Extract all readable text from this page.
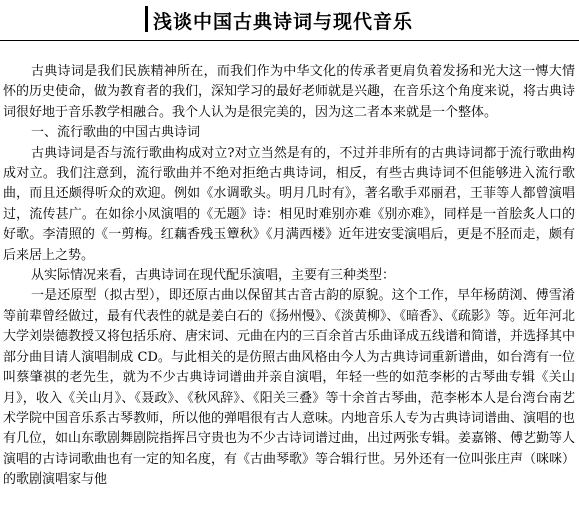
浅谈中国古典诗词与现代音乐

古典诗词是我们民族精神所在，而我们作为中华文化的传承者更肩负着发扬和光大这一慱大情怀的历史使命，做为教育者的我们，深知学习的最好老师就是兴趣，在音乐这个角度来说，将古典诗词很好地于音乐教学相融合。我个人认为是很完美的，因为这二者本来就是一个整体。

一、流行歌曲的中国古典诗词

古典诗词是否与流行歌曲构成对立?对立当然是有的，不过并非所有的古典诗词都于流行歌曲构成对立。我们注意到，流行歌曲并不绝对拒绝古典诗词，相反，有些古典诗词不但能够进入流行歌曲，而且还颇得听众的欢迎。例如《水调歌头。明月几时有》，著名歌手邓丽君，王菲等人都曾演唱过，流传甚广。在如徐小凤演唱的《无题》诗：相见时难别亦难《别亦难》，同样是一首脍炙人口的好歌。李清照的《一剪梅。红藕香残玉簟秋》《月满西楼》近年进安雯演唱后，更是不胫而走，颇有后来居上之势。

从实际情况来看，古典诗词在现代配乐演唱，主要有三种类型：

一是还原型（拟古型），即还原古曲以保留其古音古韵的原貌。这个工作，早年杨荫浏、傅雪淆等前辈曾经做过，最有代表性的就是姜白石的《扬州慢》、《淡黄柳》、《暗香》、《疏影》等。近年河北大学刘崇德教授又将包括乐府、唐宋词、元曲在内的三百余首古乐曲译成五线谱和简谱，并选择其中部分曲目请人演唱制成 CD。与此相关的是仿照古曲风格由今人为古典诗词重新谱曲，如台湾有一位叫蔡肇祺的老先生，就为不少古典诗词谱曲并亲自演唱，年轻一些的如范李彬的古琴曲专辑《关山月》，收入《关山月》、《聂政》、《秋风辞》、《阳关三叠》等十余首古琴曲，范李彬本人是台湾台南艺术学院中国音乐系古琴教师，所以他的弹唱很有古人意味。内地音乐人专为古典诗词谱曲、演唱的也有几位，如山东歌剧舞剧院指挥吕守贵也为不少古诗词谱过曲，出过两张专辑。姜嘉锵、傅艺勤等人演唱的古诗词歌曲也有一定的知名度，有《古曲琴歌》等合辑行世。另外还有一位叫张庄声（咪咪）的歌剧演唱家与他
